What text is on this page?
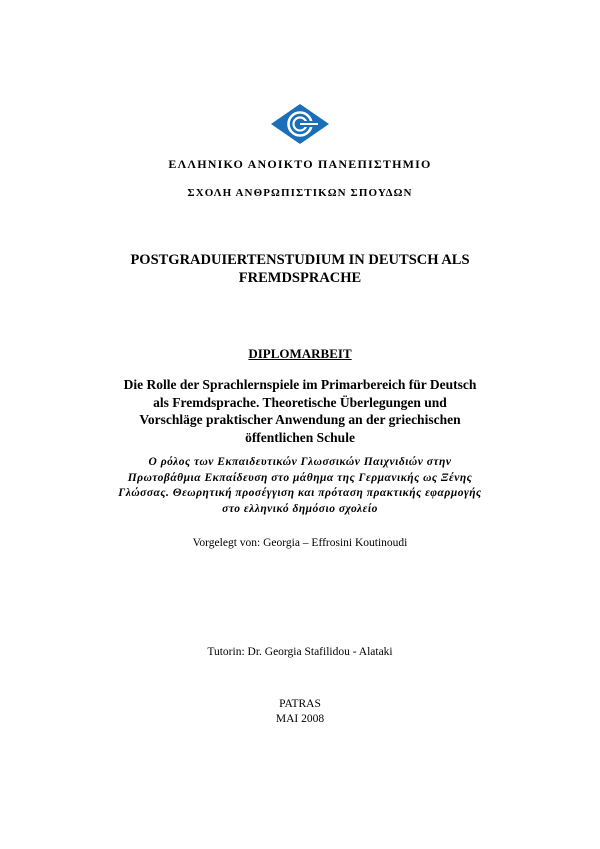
ΕΛΛΗΝΙΚΟ ΑΝΟΙΚΤΟ ΠΑΝΕΠΙΣΤΗΜΙΟ
ΣΧΟΛΗ ΑΝΘΡΩΠΙΣΤΙΚΩΝ ΣΠΟΥΔΩΝ
POSTGRADUIERTENSTUDIUM IN DEUTSCH ALS
FREMDSPRACHE
DIPLOMARBEIT
Die Rolle der Sprachlernspiele im Primarbereich für Deutsch
als Fremdsprache. Theoretische Überlegungen und
Vorschläge praktischer Anwendung an der griechischen
öffentlichen Schule
Ο ρόλος των Εκπαιδευτικών Γλωσσικών Παιχνιδιών στην
Πρωτοβάθμια Εκπαίδευση στο μάθημα της Γερμανικής ως Ξένης
Γλώσσας. Θεωρητική προσέγγιση και πρόταση πρακτικής εφαρμογής
στο ελληνικό δημόσιο σχολείο
Vorgelegt von: Georgia – Effrosini Koutinoudi
Tutorin: Dr. Georgia Stafilidou - Alataki
PATRAS
MAI 2008
